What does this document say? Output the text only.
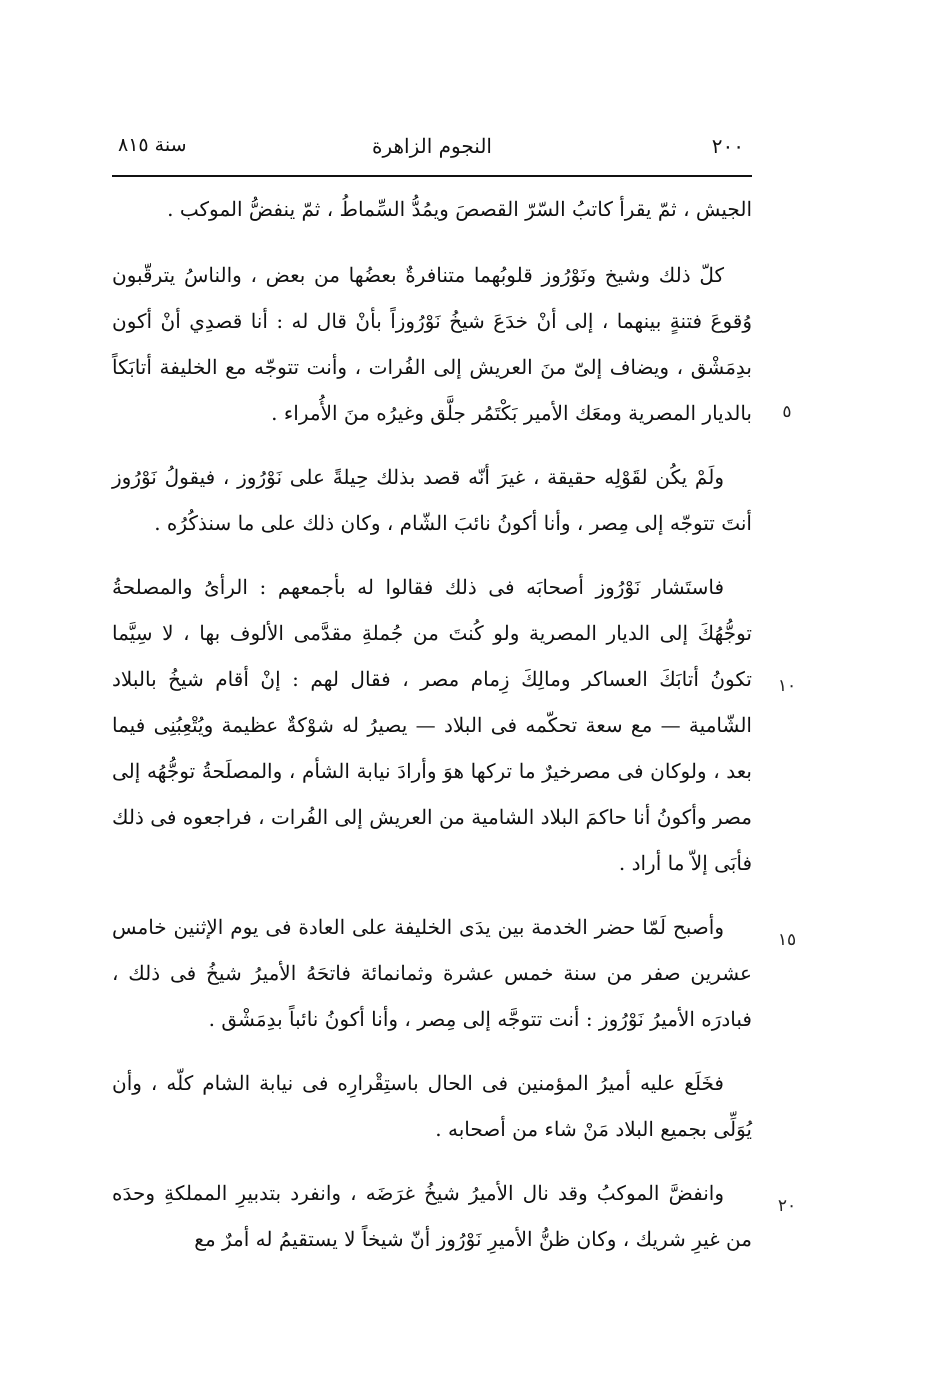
٢٠٠
النجوم الزاهرة
سنة ٨١٥

الجيش ، ثمّ يقرأ كاتبُ السّرّ القصصَ ويمُدُّ السِّماطُ ، ثمّ ينفضُّ الموكب .

كلّ ذلك وشيخ ونَوْرُوز قلوبُهما متنافرةٌ بعضُها من بعض ، والناسُ يترقّبون وُقوعَ فتنةٍ بينهما ، إلى أنْ خدَعَ شيخُ نَوْرُوزاً بأنْ قال له : أنا قصدِي أنْ أكون بدِمَشْق ، ويضاف إلىّ منَ العريش إلى الفُرات ، وأنت تتوجّه مع الخليفة أتابَكاً بالديار المصرية ومعَك الأمير بَكْتَمُر جلَّق وغيرُه منَ الأُمراء .

ولَمْ يكُن لقَوْلِه حقيقة ، غيرَ أنّه قصد بذلك حِيلةً على نَوْرُوز ، فيقولُ نَوْرُوز أنتَ تتوجّه إلى مِصر ، وأنا أكونُ نائبَ الشّام ، وكان ذلك على ما سنذكُرُه .

فاستَشار نَوْرُوز أصحابَه فى ذلك فقالوا له بأجمعهم : الرأىُ والمصلحةُ توجُّهُكَ إلى الديار المصرية ولو كُنتَ من جُملةِ مقدَّمى الألوف بها ، لا سِيَّما تكونُ أتابَكَ العساكر ومالِكَ زِمام مصر ، فقال لهم : إنْ أقام شيخُ بالبلاد الشّامية — مع سعة تحكّمه فى البلاد — يصيرُ له شوْكةٌ عظيمة ويُتْعِبُنِى فيما بعد ، ولوكان فى مصرخيرٌ ما تركها هوَ وأرادَ نيابة الشأم ، والمصلَحةُ توجُّهُه إلى مصر وأكونُ أنا حاكمَ البلاد الشامية من العريش إلى الفُرات ، فراجعوه فى ذلك فأبَى إلاّ ما أراد .

وأصبح لَمّا حضر الخدمة بين يدَى الخليفة على العادة فى يوم الإثنين خامس عشرين صفر من سنة خمس عشرة وثمانمائة فاتحَهُ الأميرُ شيخُ فى ذلك ، فبادرَه الأميرُ نَوْرُوز : أنت تتوجَّه إلى مِصر ، وأنا أكونُ نائباً بدِمَشْق .

فخَلَع عليه أميرُ المؤمنين فى الحال باستِقْرارِه فى نيابة الشام كلّه ، وأن يُوَلِّى بجميع البلاد مَنْ شاء من أصحابه .

وانفضَّ الموكبُ وقد نال الأميرُ شيخُ غرَضَه ، وانفرد بتدبيرِ المملكةِ وحدَه من غيرِ شريك ، وكان ظنُّ الأميرِ نَوْرُوز أنّ شيخاً لا يستقيمُ له أمرٌ مع

٥
١٠
١٥
٢٠
